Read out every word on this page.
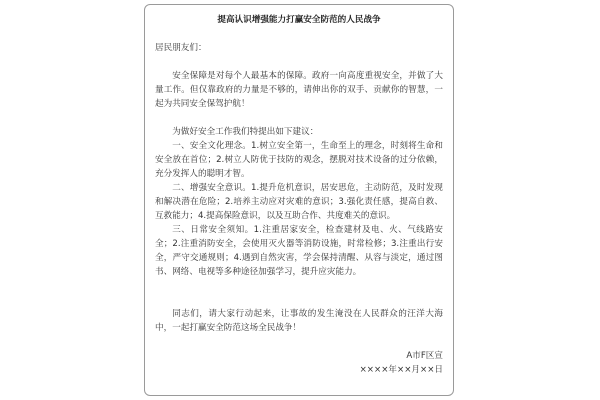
提高认识增强能力打赢安全防范的人民战争
居民朋友们：

安全保障是对每个人最基本的保障。政府一向高度重视安全，并做了大量工作。但仅靠政府的力量是不够的，请伸出你的双手、贡献你的智慧，一起为共同安全保驾护航！

为做好安全工作我们特提出如下建议：

一、安全文化理念。1.树立安全第一，生命至上的理念，时刻将生命和安全放在首位；2.树立人防优于技防的观念，摆脱对技术设备的过分依赖，充分发挥人的聪明才智。

二、增强安全意识。1.提升危机意识，居安思危，主动防范，及时发现和解决潜在危险；2.培养主动应对灾难的意识；3.强化责任感，提高自救、互救能力；4.提高保险意识，以及互助合作、共度难关的意识。

三、日常安全须知。1.注重居家安全，检查建材及电、火、气线路安全；2.注重消防安全，会使用灭火器等消防设施，时常检修；3.注重出行安全，严守交通规则；4.遇到自然灾害，学会保持清醒、从容与淡定，通过图书、网络、电视等多种途径加强学习，提升应灾能力。

同志们，请大家行动起来，让事故的发生淹没在人民群众的汪洋大海中，一起打赢安全防范这场全民战争！

A市F区宣
××××年××月××日
